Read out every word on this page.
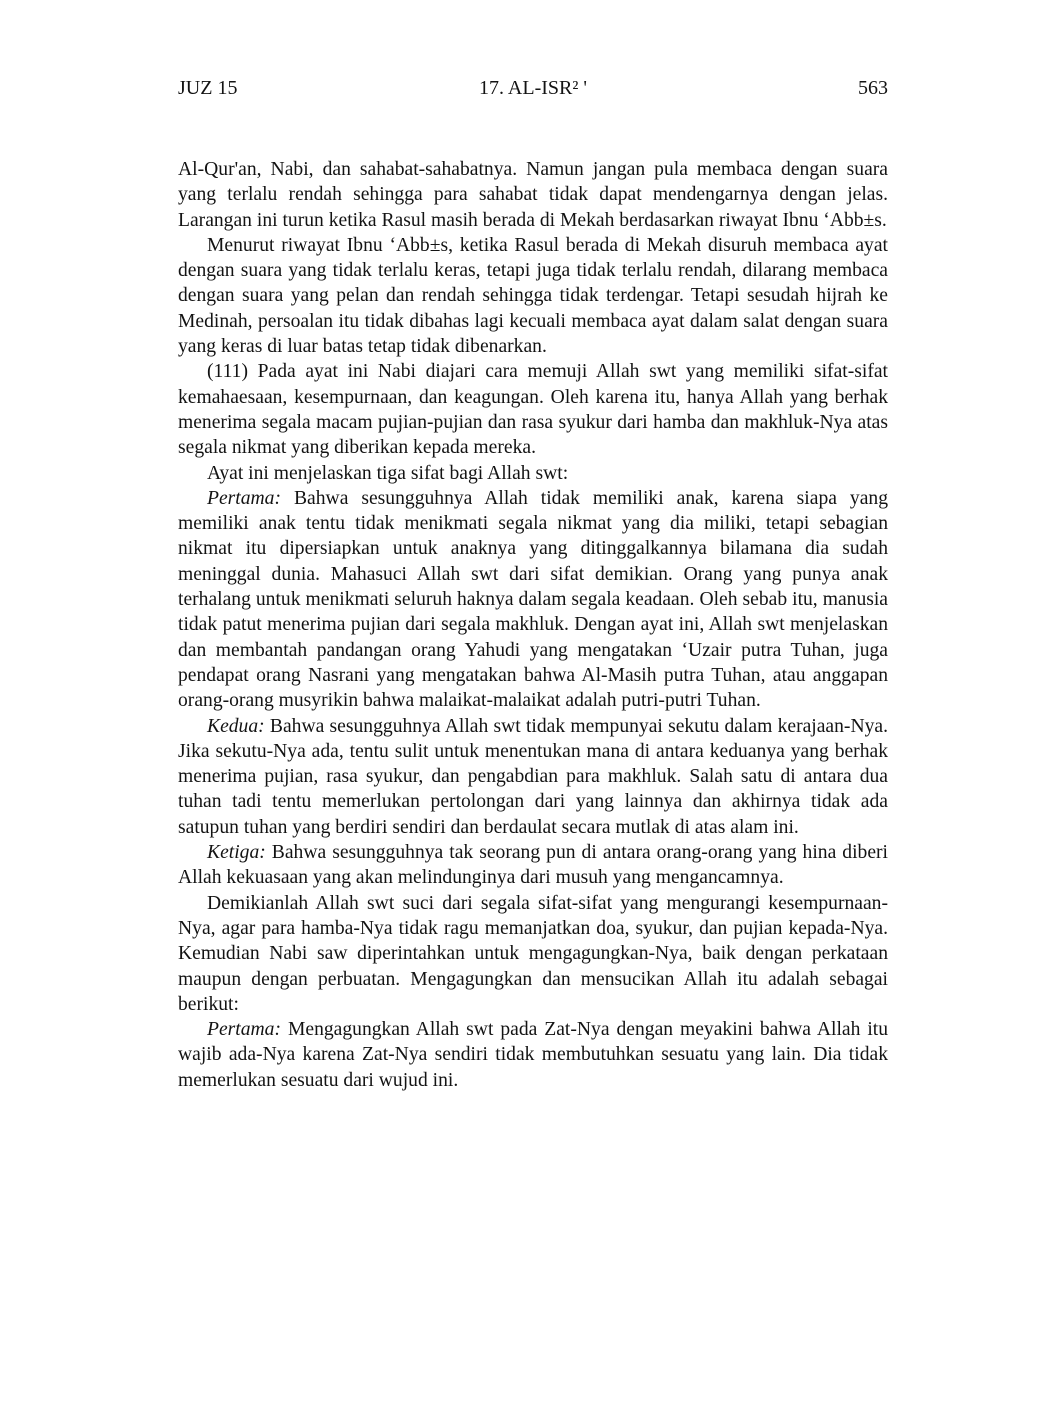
JUZ 15	17. AL-ISR² '	563

Al-Qur'an, Nabi, dan sahabat-sahabatnya. Namun jangan pula membaca dengan suara yang terlalu rendah sehingga para sahabat tidak dapat mendengarnya dengan jelas. Larangan ini turun ketika Rasul masih berada di Mekah berdasarkan riwayat Ibnu ‘Abb±s.

Menurut riwayat Ibnu ‘Abb±s, ketika Rasul berada di Mekah disuruh membaca ayat dengan suara yang tidak terlalu keras, tetapi juga tidak terlalu rendah, dilarang membaca dengan suara yang pelan dan rendah sehingga tidak terdengar. Tetapi sesudah hijrah ke Medinah, persoalan itu tidak dibahas lagi kecuali membaca ayat dalam salat dengan suara yang keras di luar batas tetap tidak dibenarkan.

(111) Pada ayat ini Nabi diajari cara memuji Allah swt yang memiliki sifat-sifat kemahaesaan, kesempurnaan, dan keagungan. Oleh karena itu, hanya Allah yang berhak menerima segala macam pujian-pujian dan rasa syukur dari hamba dan makhluk-Nya atas segala nikmat yang diberikan kepada mereka.

Ayat ini menjelaskan tiga sifat bagi Allah swt:

Pertama: Bahwa sesungguhnya Allah tidak memiliki anak, karena siapa yang memiliki anak tentu tidak menikmati segala nikmat yang dia miliki, tetapi sebagian nikmat itu dipersiapkan untuk anaknya yang ditinggalkannya bilamana dia sudah meninggal dunia. Mahasuci Allah swt dari sifat demikian. Orang yang punya anak terhalang untuk menikmati seluruh haknya dalam segala keadaan. Oleh sebab itu, manusia tidak patut menerima pujian dari segala makhluk. Dengan ayat ini, Allah swt menjelaskan dan membantah pandangan orang Yahudi yang mengatakan ‘Uzair putra Tuhan, juga pendapat orang Nasrani yang mengatakan bahwa Al-Masih putra Tuhan, atau anggapan orang-orang musyrikin bahwa malaikat-malaikat adalah putri-putri Tuhan.

Kedua: Bahwa sesungguhnya Allah swt tidak mempunyai sekutu dalam kerajaan-Nya. Jika sekutu-Nya ada, tentu sulit untuk menentukan mana di antara keduanya yang berhak menerima pujian, rasa syukur, dan pengabdian para makhluk. Salah satu di antara dua tuhan tadi tentu memerlukan pertolongan dari yang lainnya dan akhirnya tidak ada satupun tuhan yang berdiri sendiri dan berdaulat secara mutlak di atas alam ini.

Ketiga: Bahwa sesungguhnya tak seorang pun di antara orang-orang yang hina diberi Allah kekuasaan yang akan melindunginya dari musuh yang mengancamnya.

Demikianlah Allah swt suci dari segala sifat-sifat yang mengurangi kesempurnaan-Nya, agar para hamba-Nya tidak ragu memanjatkan doa, syukur, dan pujian kepada-Nya. Kemudian Nabi saw diperintahkan untuk mengagungkan-Nya, baik dengan perkataan maupun dengan perbuatan. Mengagungkan dan mensucikan Allah itu adalah sebagai berikut:

Pertama: Mengagungkan Allah swt pada Zat-Nya dengan meyakini bahwa Allah itu wajib ada-Nya karena Zat-Nya sendiri tidak membutuhkan sesuatu yang lain. Dia tidak memerlukan sesuatu dari wujud ini.
